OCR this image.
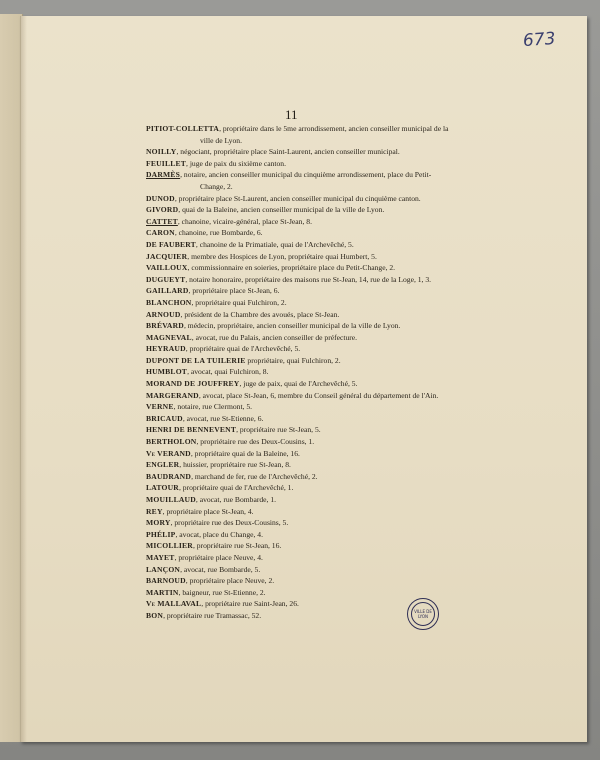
673
11
PITIOT-COLLETTA, propriétaire dans le 5me arrondissement, ancien conseiller municipal de la
ville de Lyon.
NOILLY, négociant, propriétaire place Saint-Laurent, ancien conseiller municipal.
FEUILLET, juge de paix du sixième canton.
DARMÈS, notaire, ancien conseiller municipal du cinquième arrondissement, place du Petit-
Change, 2.
DUNOD, propriétaire place St-Laurent, ancien conseiller municipal du cinquième canton.
GIVORD, quai de la Baleine, ancien conseiller municipal de la ville de Lyon.
CATTET, chanoine, vicaire-général, place St-Jean, 8.
CARON, chanoine, rue Bombarde, 6.
DE FAUBERT, chanoine de la Primatiale, quai de l'Archevêché, 5.
JACQUIER, membre des Hospices de Lyon, propriétaire quai Humbert, 5.
VAILLOUX, commissionnaire en soieries, propriétaire place du Petit-Change, 2.
DUGUEYT, notaire honoraire, propriétaire des maisons rue St-Jean, 14, rue de la Loge, 1, 3.
GAILLARD, propriétaire place St-Jean, 6.
BLANCHON, propriétaire quai Fulchiron, 2.
ARNOUD, président de la Chambre des avoués, place St-Jean.
BRÉVARD, médecin, propriétaire, ancien conseiller municipal de la ville de Lyon.
MAGNEVAL, avocat, rue du Palais, ancien conseiller de préfecture.
HEYRAUD, propriétaire quai de l'Archevêché, 5.
DUPONT DE LA TUILERIE propriétaire, quai Fulchiron, 2.
HUMBLOT, avocat, quai Fulchiron, 8.
MORAND DE JOUFFREY, juge de paix, quai de l'Archevêché, 5.
MARGERAND, avocat, place St-Jean, 6, membre du Conseil général du département de l'Ain.
VERNE, notaire, rue Clermont, 5.
BRICAUD, avocat, rue St-Etienne, 6.
HENRI DE BENNEVENT, propriétaire rue St-Jean, 5.
BERTHOLON, propriétaire rue des Deux-Cousins, 1.
Ve VERAND, propriétaire quai de la Baleine, 16.
ENGLER, huissier, propriétaire rue St-Jean, 8.
BAUDRAND, marchand de fer, rue de l'Archevêché, 2.
LATOUR, propriétaire quai de l'Archevêché, 1.
MOUILLAUD, avocat, rue Bombarde, 1.
REY, propriétaire place St-Jean, 4.
MORY, propriétaire rue des Deux-Cousins, 5.
PHÉLIP, avocat, place du Change, 4.
MICOLLIER, propriétaire rue St-Jean, 16.
MAYET, propriétaire place Neuve, 4.
LANÇON, avocat, rue Bombarde, 5.
BARNOUD, propriétaire place Neuve, 2.
MARTIN, baigneur, rue St-Etienne, 2.
Ve MALLAVAL, propriétaire rue Saint-Jean, 26.
BON, propriétaire rue Tramassac, 52.	VILLE DE LYON
